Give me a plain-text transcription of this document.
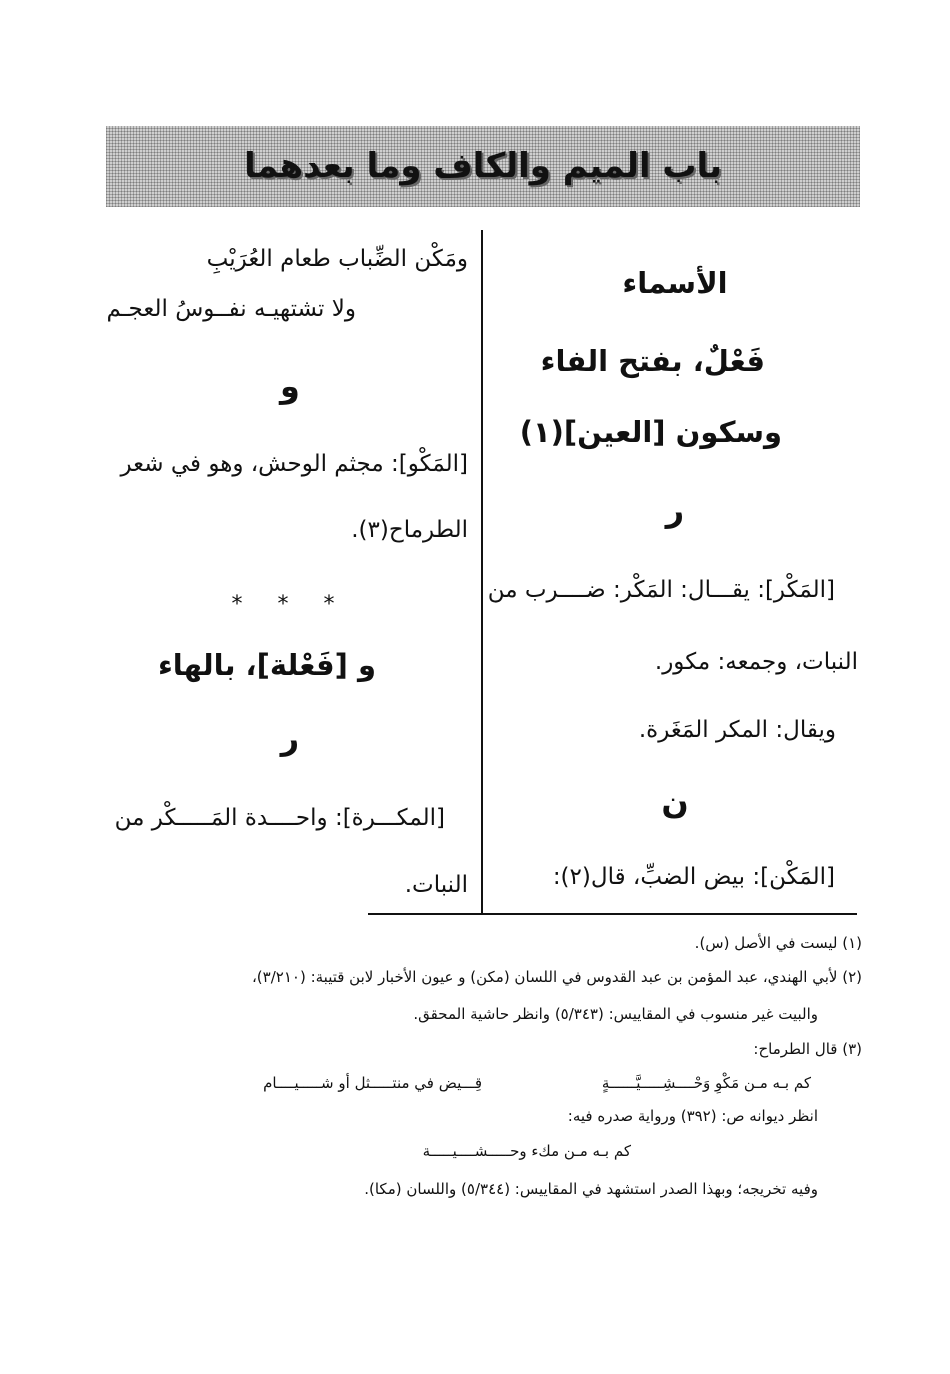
باب الميم والكاف وما بعدهما
الأسماء
فَعْلٌ، بفتح الفاء
وسكون [العين](١)
ر
[المَكْر]: يقـــال: المَكْر: ضــــرب من
النبات، وجمعه: مكور.
ويقال: المكر المَغَرة.
ن
[المَكْن]: بيض الضبِّ، قال(٢):
ومَكْن الضِّباب طعام العُرَيْبِ
ولا تشتهيـه نفــوسُ العجـم
و
[المَكْو]: مجثم الوحش، وهو في شعر
الطرماح(٣).
* * *
و [فَعْلة]، بالهاء
ر
[المكـــرة]: واحــــدة المَـــــكْر من
النبات.
(١) ليست في الأصل (س).
(٢) لأبي الهندي، عبد المؤمن بن عبد القدوس في اللسان (مكن) و عيون الأخبار لابن قتيبة: (٣/٢١٠)،
والبيت غير منسوب في المقاييس: (٥/٣٤٣) وانظر حاشية المحقق.
(٣) قال الطرماح:
كم بـه مـن مَكْوِ وَحْــــشِـــــيَّــــــةٍ
قِـــيض في منتـــــثل أو شـــــيــــام
انظر ديوانه ص: (٣٩٢) ورواية صدره فيه:
كم بـه مـن مكء وحـــــشــــيـــــة
وفيه تخريجه؛ وبهذا الصدر استشهد في المقاييس: (٥/٣٤٤) واللسان (مكا).
